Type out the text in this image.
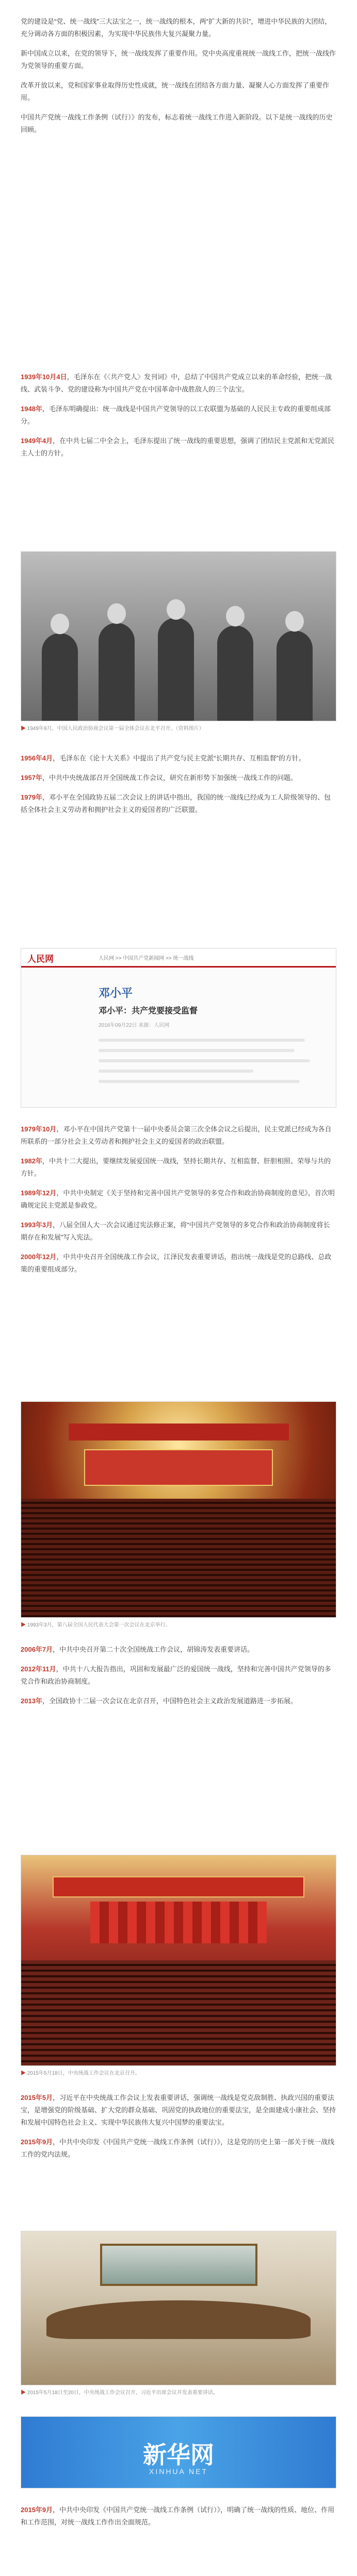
党的建设是“党、统一战线”三大法宝之一，统一战线的根本，两“扩大新的共识”，增进中华民族的大团结，充分调动各方面的积极因素，为实现中华民族伟大复兴凝聚力量。

新中国成立以来，在党的领导下，统一战线发挥了重要作用。党中央高度重视统一战线工作，把统一战线作为党领导的重要方面。

改革开放以来，党和国家事业取得历史性成就，统一战线在团结各方面力量、凝聚人心方面发挥了重要作用。

中国共产党统一战线工作条例（试行）》的发布，标志着统一战线工作进入新阶段。以下是统一战线的历史回顾。

1939年10月4日，毛泽东在《〈共产党人〉发刊词》中，总结了中国共产党成立以来的革命经验，把统一战线、武装斗争、党的建设称为中国共产党在中国革命中战胜敌人的三个法宝。

1948年，毛泽东明确提出：统一战线是中国共产党领导的以工农联盟为基础的人民民主专政的重要组成部分。

1949年4月，在中共七届二中全会上，毛泽东提出了统一战线的重要思想，强调了团结民主党派和无党派民主人士的方针。

▶ 1949年9月，中国人民政治协商会议第一届全体会议在北平召开。（资料图片）

1956年4月，毛泽东在《论十大关系》中提出了共产党与民主党派“长期共存、互相监督”的方针。

1957年，中共中央统战部召开全国统战工作会议，研究在新形势下加强统一战线工作的问题。

1979年，邓小平在全国政协五届二次会议上的讲话中指出，我国的统一战线已经成为工人阶级领导的、包括全体社会主义劳动者和拥护社会主义的爱国者的广泛联盟。

人民网	人民网 >> 中国共产党新闻网 >> 统一战线
邓小平
邓小平：共产党要接受监督
2016年09月22日 来源：人民网

1979年10月，邓小平在中国共产党第十一届中央委员会第三次全体会议之后提出，民主党派已经成为各自所联系的一部分社会主义劳动者和拥护社会主义的爱国者的政治联盟。

1982年，中共十二大提出，要继续发展爱国统一战线，坚持长期共存、互相监督、肝胆相照、荣辱与共的方针。

1989年12月，中共中央制定《关于坚持和完善中国共产党领导的多党合作和政治协商制度的意见》，首次明确规定民主党派是参政党。

1993年3月，八届全国人大一次会议通过宪法修正案，将“中国共产党领导的多党合作和政治协商制度将长期存在和发展”写入宪法。

2000年12月，中共中央召开全国统战工作会议，江泽民发表重要讲话，指出统一战线是党的总路线、总政策的重要组成部分。

▶ 1993年3月，第八届全国人民代表大会第一次会议在北京举行。

2006年7月，中共中央召开第二十次全国统战工作会议，胡锦涛发表重要讲话。

2012年11月，中共十八大报告指出，巩固和发展最广泛的爱国统一战线，坚持和完善中国共产党领导的多党合作和政治协商制度。

2013年，全国政协十二届一次会议在北京召开，中国特色社会主义政治发展道路进一步拓展。

▶ 2015年5月18日，中央统战工作会议在北京召开。

2015年5月，习近平在中央统战工作会议上发表重要讲话，强调统一战线是党克敌制胜、执政兴国的重要法宝，是增强党的阶级基础、扩大党的群众基础、巩固党的执政地位的重要法宝，是全面建成小康社会、坚持和发展中国特色社会主义、实现中华民族伟大复兴中国梦的重要法宝。

2015年9月，中共中央印发《中国共产党统一战线工作条例（试行）》，这是党的历史上第一部关于统一战线工作的党内法规。

▶ 2015年5月18日至20日，中央统战工作会议召开，习近平出席会议并发表重要讲话。
新华网
XINHUA NET

2015年9月，中共中央印发《中国共产党统一战线工作条例（试行）》，明确了统一战线的性质、地位、作用和工作范围，对统一战线工作作出全面规范。
